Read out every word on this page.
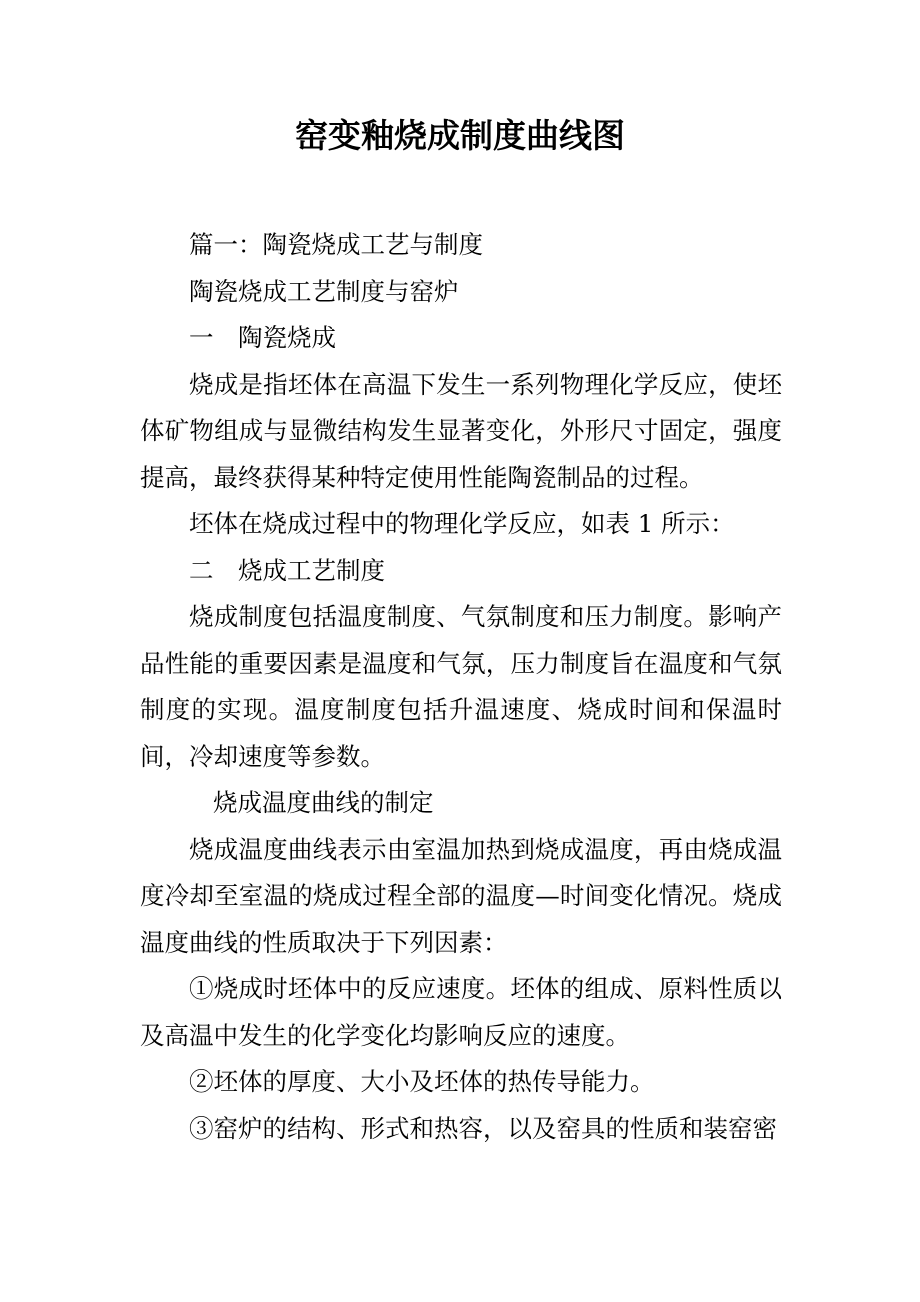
窑变釉烧成制度曲线图

篇一：陶瓷烧成工艺与制度

陶瓷烧成工艺制度与窑炉

一　陶瓷烧成

烧成是指坯体在高温下发生一系列物理化学反应，使坯体矿物组成与显微结构发生显著变化，外形尺寸固定，强度提高，最终获得某种特定使用性能陶瓷制品的过程。

坯体在烧成过程中的物理化学反应，如表 1 所示：

二　烧成工艺制度

烧成制度包括温度制度、气氛制度和压力制度。影响产品性能的重要因素是温度和气氛，压力制度旨在温度和气氛制度的实现。温度制度包括升温速度、烧成时间和保温时间，冷却速度等参数。

烧成温度曲线的制定

烧成温度曲线表示由室温加热到烧成温度，再由烧成温度冷却至室温的烧成过程全部的温度—时间变化情况。烧成温度曲线的性质取决于下列因素：

①烧成时坯体中的反应速度。坯体的组成、原料性质以及高温中发生的化学变化均影响反应的速度。

②坯体的厚度、大小及坯体的热传导能力。

③窑炉的结构、形式和热容，以及窑具的性质和装窑密
